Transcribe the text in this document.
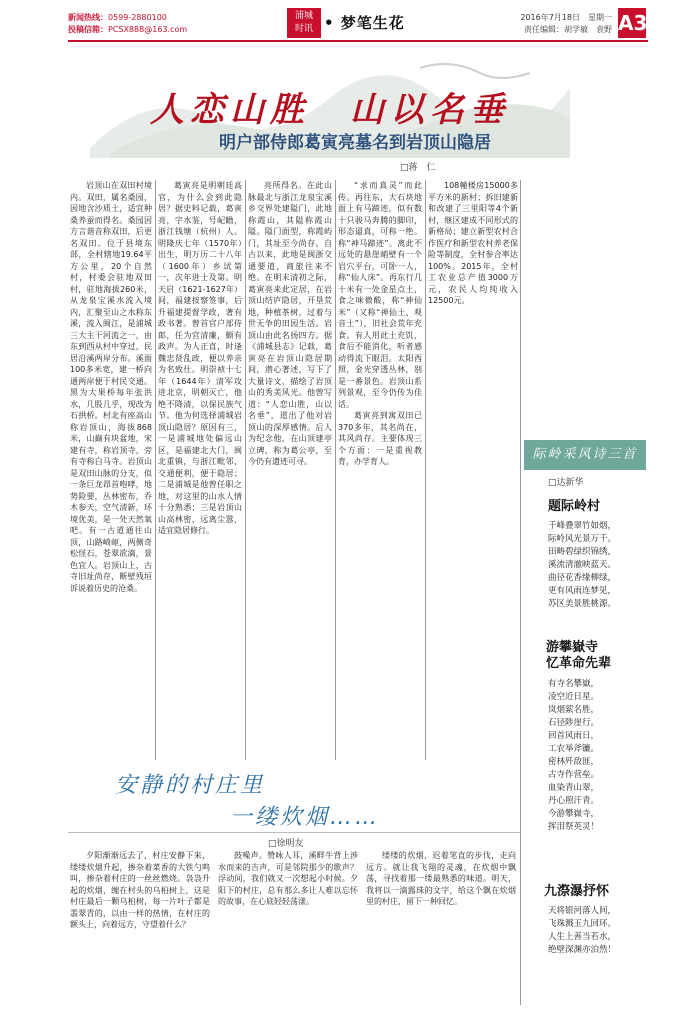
新闻热线：0599-2880100
投稿信箱：PCSX888@163.com
浦城
时讯 • 梦笔生花	2016年7月18日　星期一
责任编辑：胡学敏　袁野 A3
人恋山胜　山以名垂
明户部侍郎葛寅亮墓名到岩顶山隐居
□蒋　仁

岩顶山在双田村境内。双田，属名桑园，因地含沙质土，适宜种桑养蚕而得名。桑园因方言谐音称双田，后更名双田。位于县境东部，全村辖地19.64平方公里，20个自然村，村委会驻地双田村，驻地海拔260米，从龙泉宝溪水流入境内，汇聚至山之水称东溪，流入闽江，是浦城三大主干河流之一，由东到西从村中穿过，民居沿溪两岸分布。溪面100多米宽，建一桥向通两岸便于村民交通。黑为大果桥每年张洪水，几股几乎，现改为石拱桥。村北有座高山称岩顶山，海拔868米，山巅有块盆地，宋建有寺，称岩顶寺，旁有寺称白马寺。岩顶山是双田山脉的分支，似一条巨龙昂首咆哮，地势险要，丛林密布，乔木参天，空气清新，环境优美，是一处天然氧吧。有一古道通往山顶，山路崎岖，两侧奇松怪石，苍翠欲滴，景色宜人。岩顶山上，古寺旧址尚存，断壁残垣诉说着历史的沧桑。

葛寅亮是明朝廷高官，为什么会到此隐居？据史料记载，葛寅亮，字水鉴，号屺瞻，浙江钱塘（杭州）人。明隆庆七年（1570年）出生，明万历二十八年（1600年）乡试第一，次年进士及第。明天启（1621-1627年）间，福建按察签事，后升福建提督学政，著有政书著。曾首官户部侍郎，任为官清廉，颇有政声。为人正直，时逢魏忠贤乱政，便以养亲为名致仕。明崇祯十七年（1644年）清军攻进北京，明朝灭亡，他绝不降清，以保民族气节。他为何选择浦城岩顶山隐居？原因有三，一是浦城地处偏远山区，是福建北大门，闽北重镇，与浙江毗邻，交通便利，便于隐居；二是浦城是他曾任职之地，对这里的山水人情十分熟悉；三是岩顶山山高林密，远离尘嚣，适宜隐居修行。

亮所得名。在此山脉最北与浙江龙泉宝溪乡交界处建隘门，此地称霞山，其隘称霞山隘。隘门面型，称霞屿门，其址至今尚存。自古以来，此地是闽浙交通要道，商旅往来不绝。在明末清初之际，葛寅亮来此定居，在岩顶山结庐隐居，开垦荒地，种植茶树，过着与世无争的田园生活。岩顶山由此名扬四方。据《浦城县志》记载，葛寅亮在岩顶山隐居期间，潜心著述，写下了大量诗文，描绘了岩顶山的秀美风光。他曾写道：“人恋山胜，山以名垂”，道出了他对岩顶山的深厚感情。后人为纪念他，在山顶建亭立碑，称为葛公亭，至今仍有遗迹可寻。

“求而真灵”而此传。再往东，大石块地面上有马蹄迹，似有数十只骏马奔腾的脚印，形态逼真，可称一绝。称“神马蹄迹”。离此不远处的悬崖峭壁有一个岩穴平台，可卧一人，称“仙人床”。再东行几十米有一处金星点土，食之味微酸，称“神仙米”（又称“神仙土、观音土”），旧社会荒年充食。有人用此土充饥，食后不能消化，听者感动得流下眼泪。太阳西照，金光穿透丛林，别是一番景色。岩顶山系列景观，至今仍传为佳话。

葛寅亮到寓双田已370多年，其名尚在，其风尚存。主要体现三个方面：一是重视教育，办学育人。

108幢楼房15000多平方米的新村；拆旧建新和改建了三里阳等4个新村，继区建成不同形式的新格局；建立新型农村合作医疗和新型农村养老保险等制度，全村参合率达100%。2015年，全村工农业总产值3000万元，农民人均纯收入12500元。

际岭采风诗三首
□达新华
题际岭村
千峰叠翠竹如烟，
际岭风光景万千。
田畴碧绿织锦绣，
溪流清澈映蓝天。
曲径花香缘柳绿，
更有风雨连梦见，
苏区美景胜桃源。
游攀嶽寺
忆革命先辈
有寺名攀嶽，
凌空近日星。
岚烟萦名胜，
石径陟崖行。
回首风雨日，
工农举斧镰。
密林歼敌匪，
古寺作营垒。
血染青山翠，
丹心照汗青。
今游攀嶽寺，
挥泪祭英灵！
九漈瀑抒怀
天将银河落人间，
飞珠溅玉九回环。
人生上善当若水，
绝壁深渊亦泊然！
安静的村庄里
一缕炊烟……
□徐明友

夕阳渐渐远去了，村庄安静下来，缕缕炊烟升起，掺杂着菜香的大铁勺鸣叫，掺杂着村庄的一丝丝燃烧。袅袅升起的炊烟，缠在村头的乌桕树上，这是村庄最后一颗乌桕树，每一片叶子都是翡翠青的，以由一样的热情，在村庄的额头上，向着远方，守望着什么？

鼓噪声。赞咏人耳，溪畔牛背上涉水而来的吉声，可是邻院那少的歌声？浮动间，我们就又一次想起小时候。夕阳下的村庄，总有那么多让人难以忘怀的故事，在心底轻轻荡漾。

缕缕的炊烟，迟着笔直的步伐，走向远方。就让我飞翔的灵魂，在炊烟中飘荡，寻找着那一缕最熟悉的味道。明天，我将以一滴露珠的文字，给这个飘在炊烟里的村庄，留下一种回忆。
